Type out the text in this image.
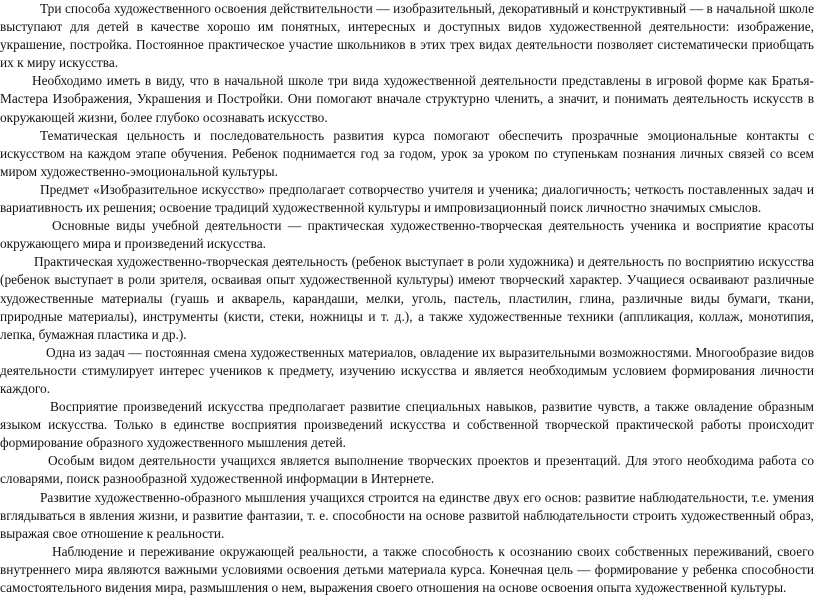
Три способа художественного освоения действительности — изобразительный, декоративный и конструктивный — в начальной школе выступают для детей в качестве хорошо им понятных, интересных и доступных видов художественной деятельности: изображение, украшение, постройка. Постоянное практическое участие школьников в этих трех видах деятельности позволяет систематически приобщать их к миру искусства.

Необходимо иметь в виду, что в начальной школе три вида художественной деятельности представлены в игровой форме как Братья-Мастера Изображения, Украшения и Постройки. Они помогают вначале структурно членить, а значит, и понимать деятельность искусств в окружающей жизни, более глубоко осознавать искусство.

Тематическая цельность и последовательность развития курса помогают обеспечить прозрачные эмоциональные контакты с искусством на каждом этапе обучения. Ребенок поднимается год за годом, урок за уроком по ступенькам познания личных связей со всем миром художественно-эмоциональной культуры.

Предмет «Изобразительное искусство» предполагает сотворчество учителя и ученика; диалогичность; четкость поставленных задач и вариативность их решения; освоение традиций художественной культуры и импровизационный поиск личностно значимых смыслов.

Основные виды учебной деятельности — практическая художественно-творческая деятельность ученика и восприятие красоты окружающего мира и произведений искусства.

Практическая художественно-творческая деятельность (ребенок выступает в роли художника) и деятельность по восприятию искусства (ребенок выступает в роли зрителя, осваивая опыт художественной культуры) имеют творческий характер. Учащиеся осваивают различные художественные материалы (гуашь и акварель, карандаши, мелки, уголь, пастель, пластилин, глина, различные виды бумаги, ткани, природные материалы), инструменты (кисти, стеки, ножницы и т. д.), а также художественные техники (аппликация, коллаж, монотипия, лепка, бумажная пластика и др.).

Одна из задач — постоянная смена художественных материалов, овладение их выразительными возможностями. Многообразие видов деятельности стимулирует интерес учеников к предмету, изучению искусства и является необходимым условием формирования личности каждого.

Восприятие произведений искусства предполагает развитие специальных навыков, развитие чувств, а также овладение образным языком искусства. Только в единстве восприятия произведений искусства и собственной творческой практической работы происходит формирование образного художественного мышления детей.

Особым видом деятельности учащихся является выполнение творческих проектов и презентаций. Для этого необходима работа со словарями, поиск разнообразной художественной информации в Интернете.

Развитие художественно-образного мышления учащихся строится на единстве двух его основ: развитие наблюдательности, т.е. умения вглядываться в явления жизни, и развитие фантазии, т. е. способности на основе развитой наблюдательности строить художественный образ, выражая свое отношение к реальности.

Наблюдение и переживание окружающей реальности, а также способность к осознанию своих собственных переживаний, своего внутреннего мира являются важными условиями освоения детьми материала курса. Конечная цель — формирование у ребенка способности самостоятельного видения мира, размышления о нем, выражения своего отношения на основе освоения опыта художественной культуры.
